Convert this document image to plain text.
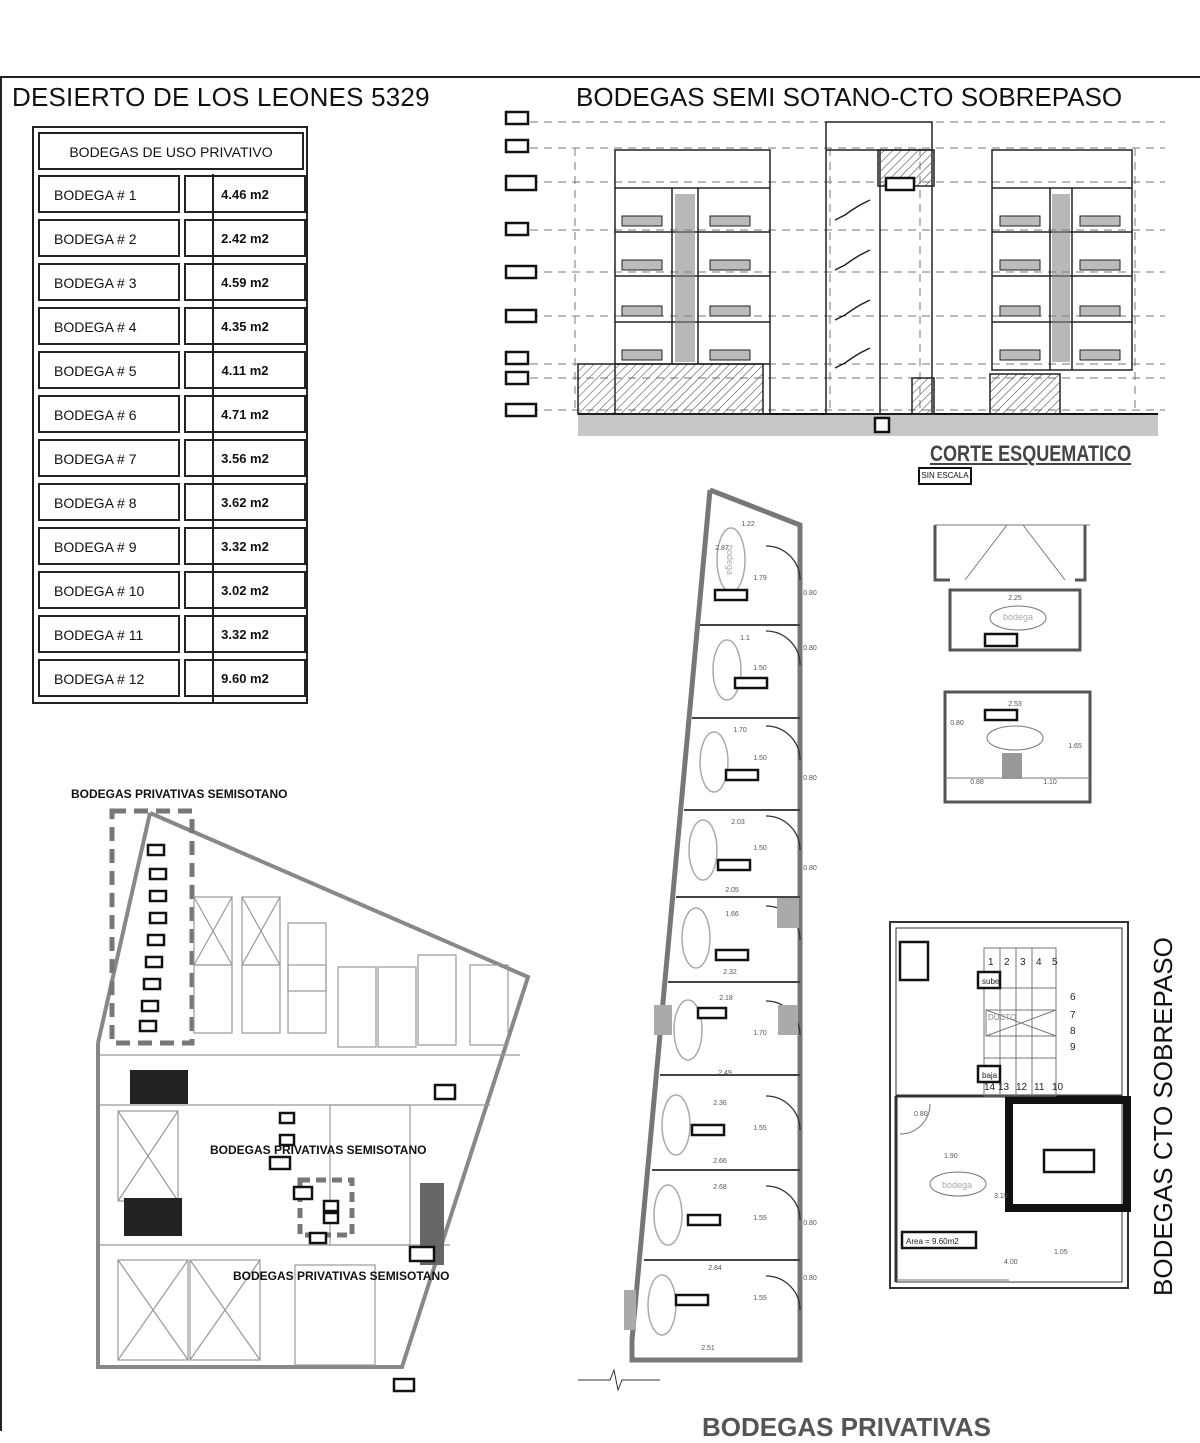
DESIERTO DE LOS LEONES 5329	BODEGAS SEMI SOTANO-CTO SOBREPASO
BODEGAS DE USO PRIVATIVO
BODEGA # 1	4.46 m2
BODEGA # 2	2.42 m2
BODEGA # 3	4.59 m2
BODEGA # 4	4.35 m2
BODEGA # 5	4.11 m2
BODEGA # 6	4.71 m2
BODEGA # 7	3.56 m2
BODEGA # 8	3.62 m2
BODEGA # 9	3.32 m2
BODEGA # 10	3.02 m2
BODEGA # 11	3.32 m2
BODEGA # 12	9.60 m2
CORTE ESQUEMATICO
SIN ESCALA
1.22
2.87
1.79
0.80
0.80
1.1
1.50
1.70
1.50
0.80
2.03
1.50
0.80
2.05
1.66
2.32
2.18
1.70
2.49
2.36
1.55
2.66
2.68
1.55
0.80
2.84
1.55
0.80
2.51
bodega
2.25
2.53
0.80
1.65
0.88	1.10
bodega
1 2 3 4 5
6
7
8
9
14 13 12 11 10
sube
baja
DUCTO
0.80
1.90
3.15
1.05
4.00
bodega
Area = 9.60m2	BODEGAS CTO SOBREPASO
BODEGAS PRIVATIVAS SEMISOTANO
BODEGAS PRIVATIVAS SEMISOTANO
BODEGAS PRIVATIVAS SEMISOTANO
BODEGAS PRIVATIVAS
